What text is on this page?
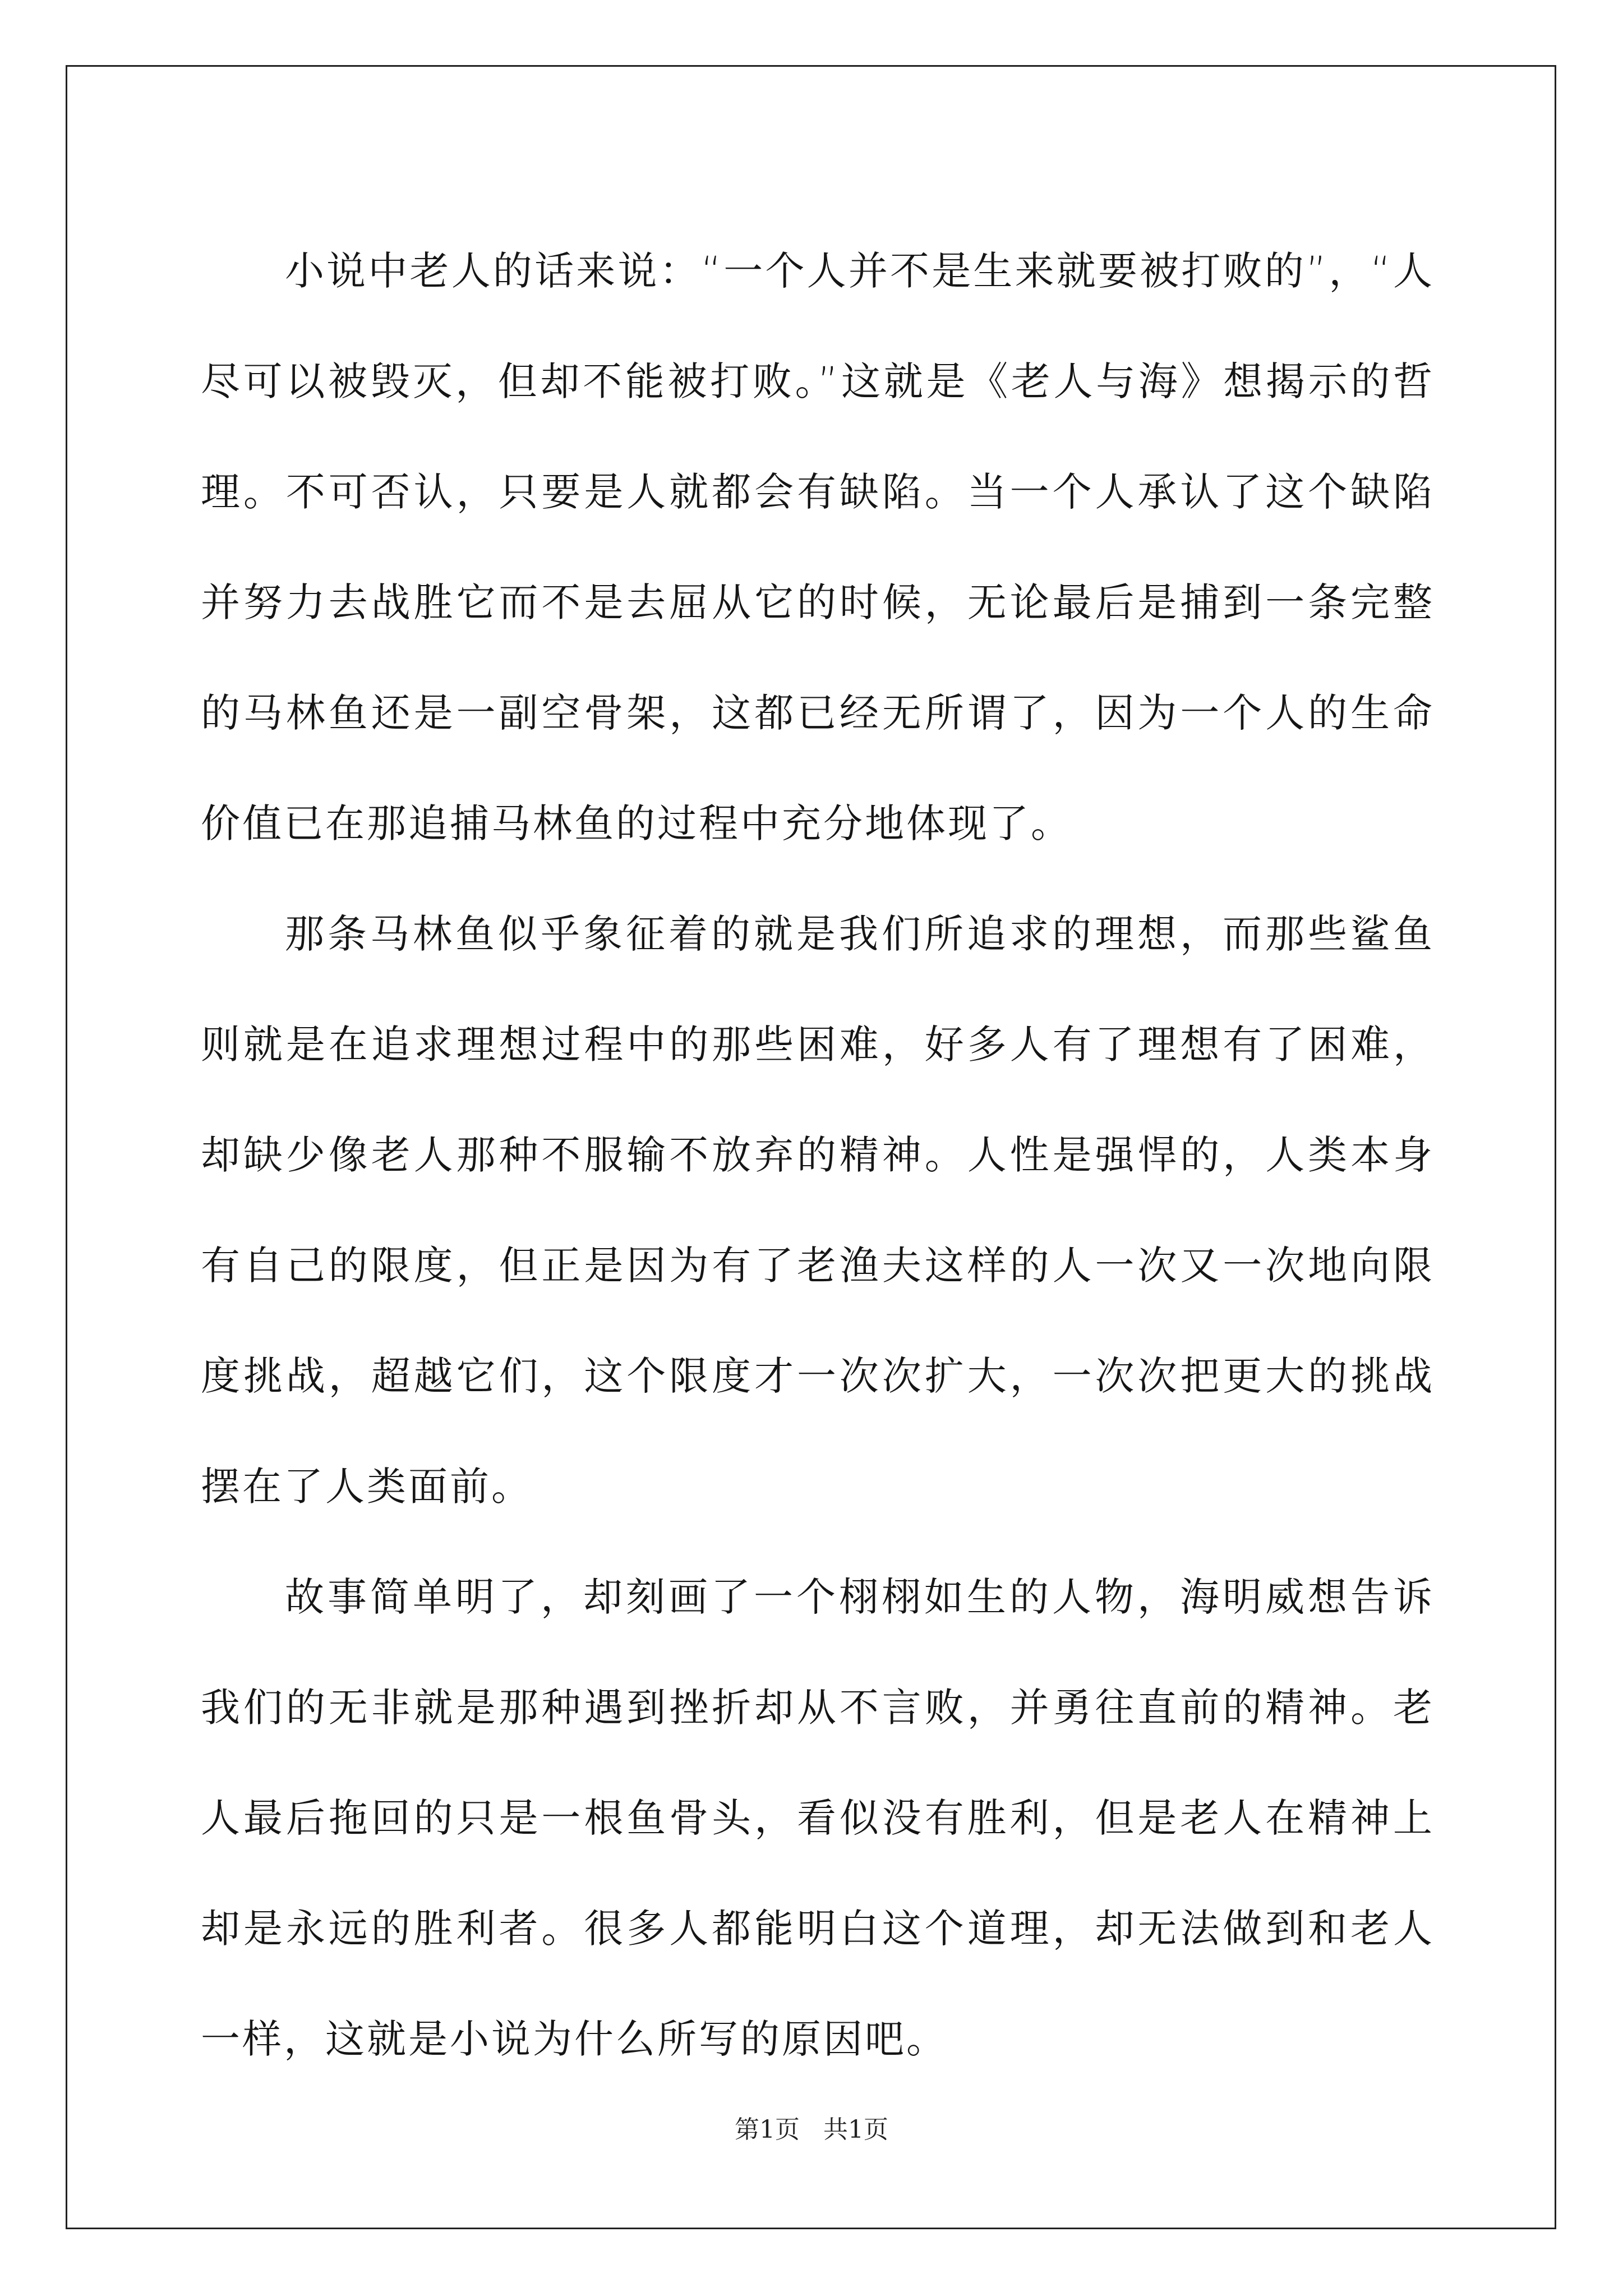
小说中老人的话来说：“一个人并不是生来就要被打败的”，“人尽可以被毁灭，但却不能被打败。”这就是《老人与海》想揭示的哲理。不可否认，只要是人就都会有缺陷。当一个人承认了这个缺陷并努力去战胜它而不是去屈从它的时候，无论最后是捕到一条完整的马林鱼还是一副空骨架，这都已经无所谓了，因为一个人的生命价值已在那追捕马林鱼的过程中充分地体现了。

那条马林鱼似乎象征着的就是我们所追求的理想，而那些鲨鱼则就是在追求理想过程中的那些困难，好多人有了理想有了困难，却缺少像老人那种不服输不放弃的精神。人性是强悍的，人类本身有自己的限度，但正是因为有了老渔夫这样的人一次又一次地向限度挑战，超越它们，这个限度才一次次扩大，一次次把更大的挑战摆在了人类面前。

故事简单明了，却刻画了一个栩栩如生的人物，海明威想告诉我们的无非就是那种遇到挫折却从不言败，并勇往直前的精神。老人最后拖回的只是一根鱼骨头，看似没有胜利，但是老人在精神上却是永远的胜利者。很多人都能明白这个道理，却无法做到和老人一样，这就是小说为什么所写的原因吧。

第1页 共1页
